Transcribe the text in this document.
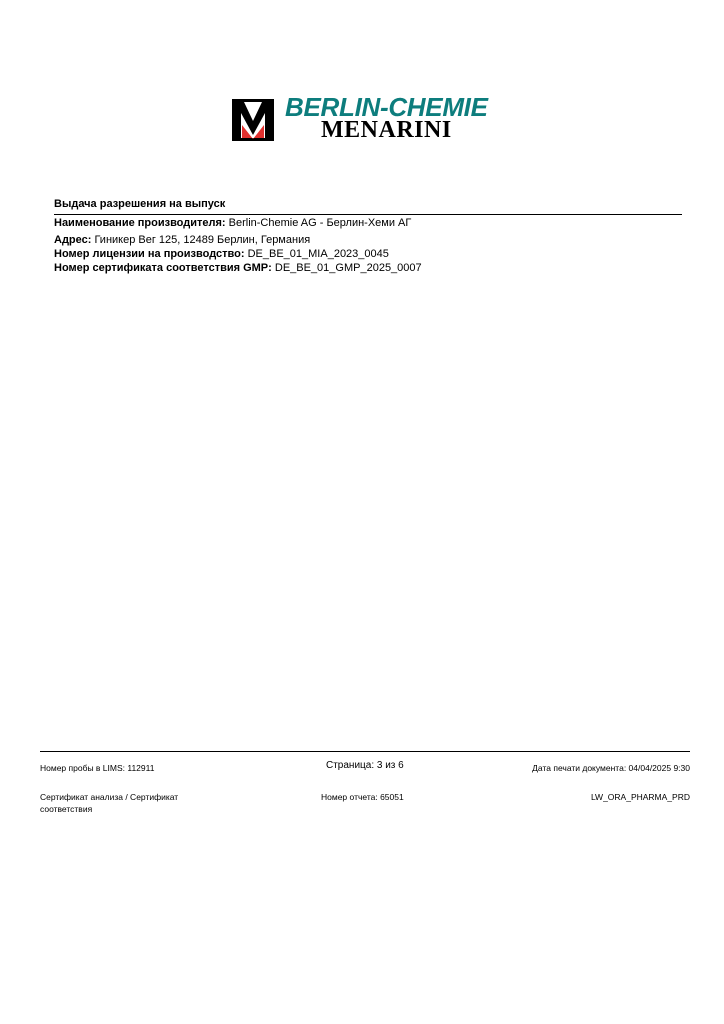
BERLIN-CHEMIE
MENARINI
Выдача разрешения на выпуск
Наименование производителя: Berlin-Chemie AG - Берлин-Хеми АГ
Адрес: Гиникер Вег 125, 12489 Берлин, Германия
Номер лицензии на производство: DE_BE_01_MIA_2023_0045
Номер сертификата соответствия GMP: DE_BE_01_GMP_2025_0007
Номер пробы в LIMS: 112911	Страница: 3 из 6	Дата печати документа: 04/04/2025 9:30
Сертификат анализа / Сертификат
соответствия
Номер отчета: 65051	LW_ORA_PHARMA_PRD
